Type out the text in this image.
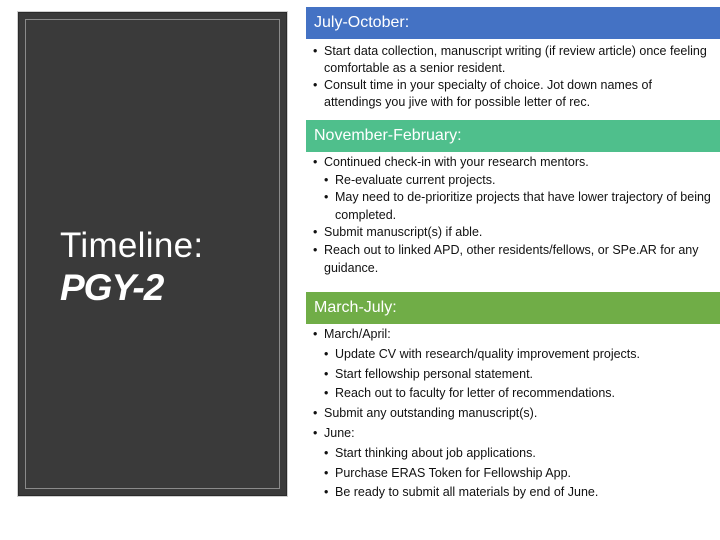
Timeline:
PGY-2
July-October:
• Start data collection, manuscript writing (if review article) once feeling comfortable as a senior resident.
• Consult time in your specialty of choice. Jot down names of attendings you jive with for possible letter of rec.
November-February:
• Continued check-in with your research mentors.
• Re-evaluate current projects.
• May need to de-prioritize projects that have lower trajectory of being completed.
• Submit manuscript(s) if able.
• Reach out to linked APD, other residents/fellows, or SPe.AR for any guidance.
March-July:
• March/April:
• Update CV with research/quality improvement projects.
• Start fellowship personal statement.
• Reach out to faculty for letter of recommendations.
• Submit any outstanding manuscript(s).
• June:
• Start thinking about job applications.
• Purchase ERAS Token for Fellowship App.
• Be ready to submit all materials by end of June.
